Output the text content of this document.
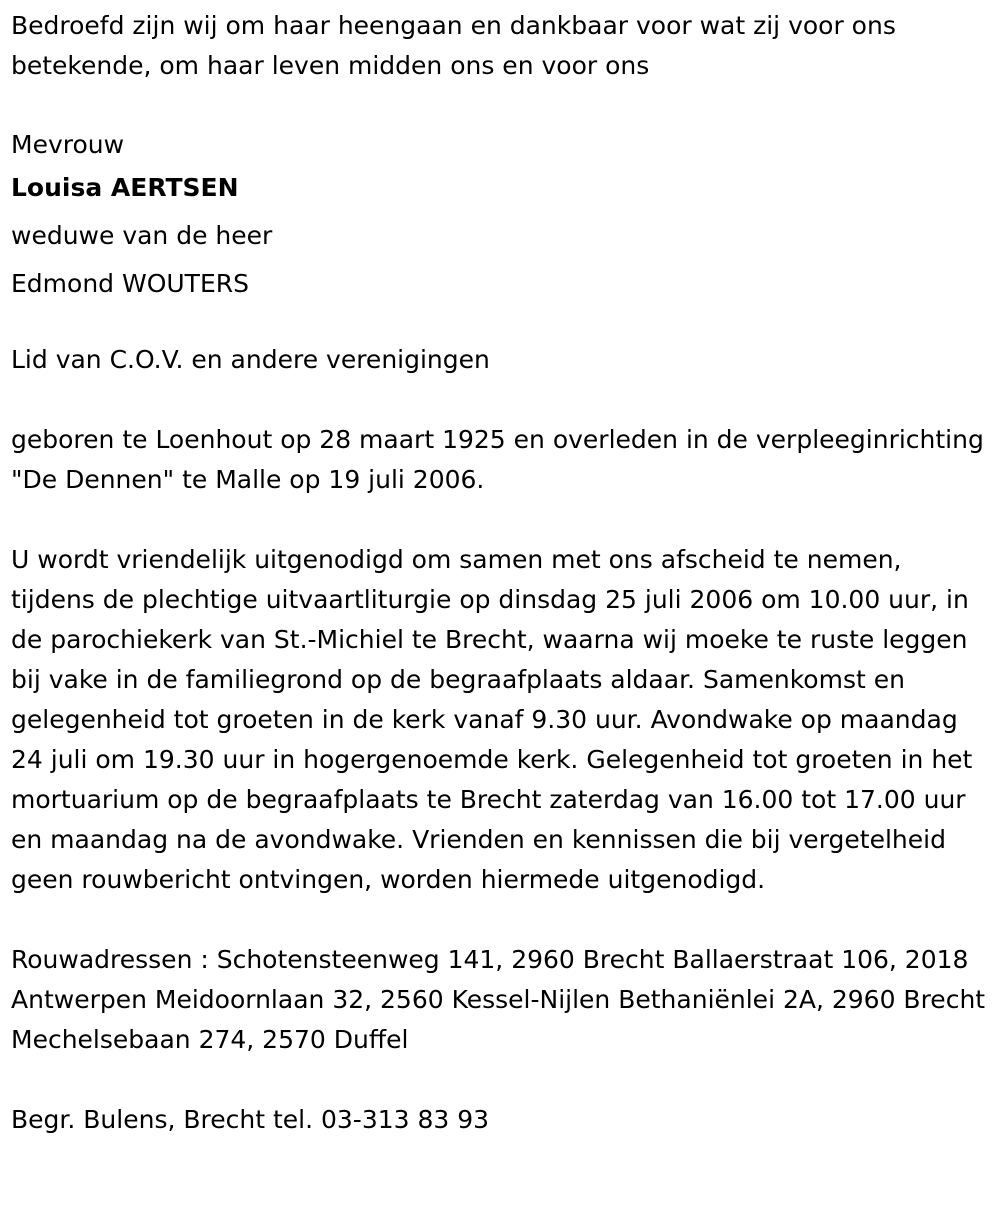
Bedroefd zijn wij om haar heengaan en dankbaar voor wat zij voor ons betekende, om haar leven midden ons en voor ons

Mevrouw

Louisa AERTSEN

weduwe van de heer

Edmond WOUTERS

Lid van C.O.V. en andere verenigingen

geboren te Loenhout op 28 maart 1925 en overleden in de verpleeginrichting "De Dennen" te Malle op 19 juli 2006.

U wordt vriendelijk uitgenodigd om samen met ons afscheid te nemen, tijdens de plechtige uitvaartliturgie op dinsdag 25 juli 2006 om 10.00 uur, in de parochiekerk van St.-Michiel te Brecht, waarna wij moeke te ruste leggen bij vake in de familiegrond op de begraafplaats aldaar. Samenkomst en gelegenheid tot groeten in de kerk vanaf 9.30 uur. Avondwake op maandag 24 juli om 19.30 uur in hogergenoemde kerk. Gelegenheid tot groeten in het mortuarium op de begraafplaats te Brecht zaterdag van 16.00 tot 17.00 uur en maandag na de avondwake. Vrienden en kennissen die bij vergetelheid geen rouwbericht ontvingen, worden hiermede uitgenodigd.

Rouwadressen : Schotensteenweg 141, 2960 Brecht Ballaerstraat 106, 2018 Antwerpen Meidoornlaan 32, 2560 Kessel-Nijlen Bethaniënlei 2A, 2960 Brecht Mechelsebaan 274, 2570 Duffel

Begr. Bulens, Brecht tel. 03-313 83 93
